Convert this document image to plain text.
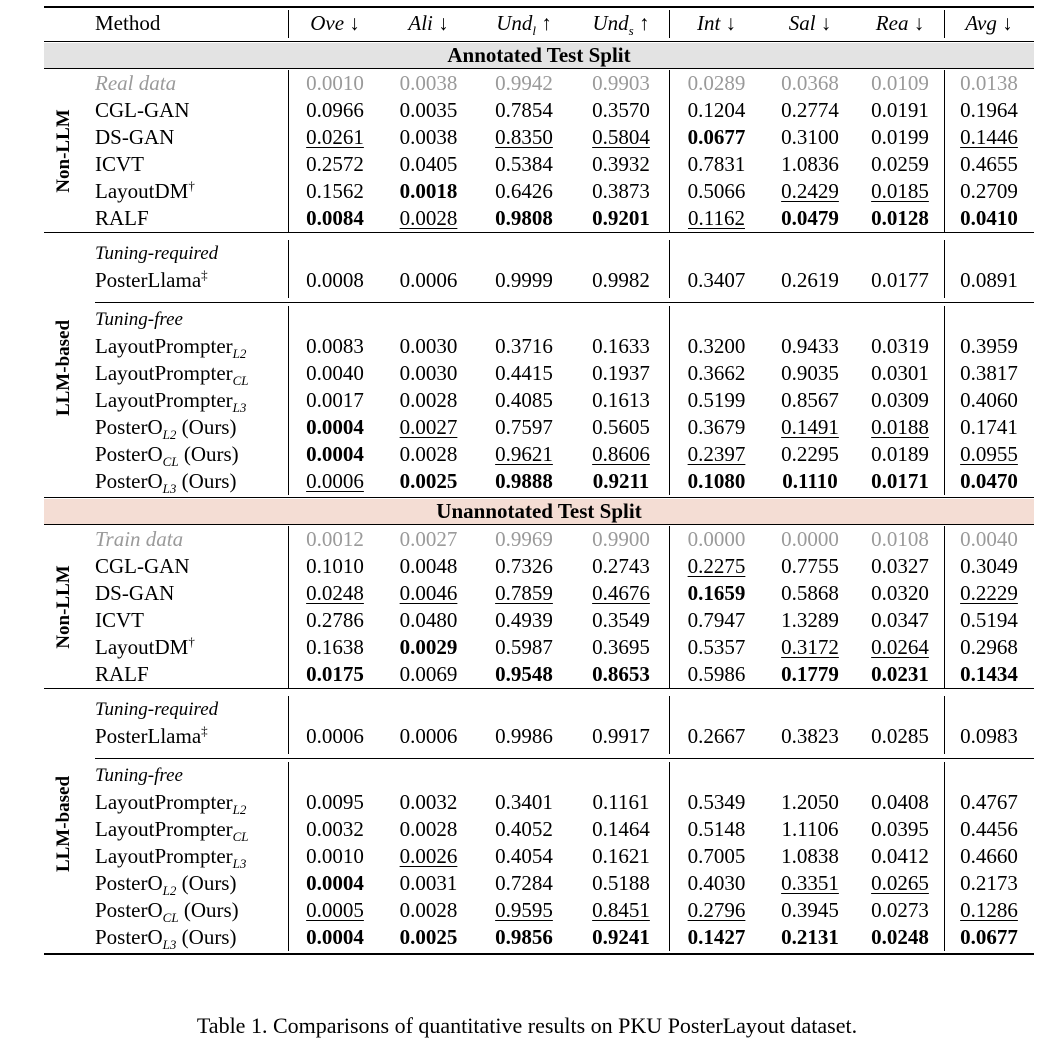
Method	Ove ↓	Ali ↓	Und$_l$ ↑	Und$_s$ ↑	Int ↓	Sal ↓	Rea ↓	Avg ↓
Annotated Test Split
Real data	0.0010	0.0038	0.9942	0.9903	0.0289	0.0368	0.0109	0.0138
CGL-GAN	0.0966	0.0035	0.7854	0.3570	0.1204	0.2774	0.0191	0.1964
DS-GAN	0.0261	0.0038	0.8350	0.5804	0.0677	0.3100	0.0199	0.1446
ICVT	0.2572	0.0405	0.5384	0.3932	0.7831	1.0836	0.0259	0.4655
LayoutDM†	0.1562	0.0018	0.6426	0.3873	0.5066	0.2429	0.0185	0.2709
RALF	0.0084	0.0028	0.9808	0.9201	0.1162	0.0479	0.0128	0.0410
Non-LLM
Tuning-required
PosterLlama‡	0.0008	0.0006	0.9999	0.9982	0.3407	0.2619	0.0177	0.0891
Tuning-free
LayoutPrompter$_{L2}$	0.0083	0.0030	0.3716	0.1633	0.3200	0.9433	0.0319	0.3959
LayoutPrompter$_{CL}$	0.0040	0.0030	0.4415	0.1937	0.3662	0.9035	0.0301	0.3817
LayoutPrompter$_{L3}$	0.0017	0.0028	0.4085	0.1613	0.5199	0.8567	0.0309	0.4060
PosterO$_{L2}$ (Ours)	0.0004	0.0027	0.7597	0.5605	0.3679	0.1491	0.0188	0.1741
PosterO$_{CL}$ (Ours)	0.0004	0.0028	0.9621	0.8606	0.2397	0.2295	0.0189	0.0955
PosterO$_{L3}$ (Ours)	0.0006	0.0025	0.9888	0.9211	0.1080	0.1110	0.0171	0.0470
LLM-based
Unannotated Test Split
Train data	0.0012	0.0027	0.9969	0.9900	0.0000	0.0000	0.0108	0.0040
CGL-GAN	0.1010	0.0048	0.7326	0.2743	0.2275	0.7755	0.0327	0.3049
DS-GAN	0.0248	0.0046	0.7859	0.4676	0.1659	0.5868	0.0320	0.2229
ICVT	0.2786	0.0480	0.4939	0.3549	0.7947	1.3289	0.0347	0.5194
LayoutDM†	0.1638	0.0029	0.5987	0.3695	0.5357	0.3172	0.0264	0.2968
RALF	0.0175	0.0069	0.9548	0.8653	0.5986	0.1779	0.0231	0.1434
Non-LLM
Tuning-required
PosterLlama‡	0.0006	0.0006	0.9986	0.9917	0.2667	0.3823	0.0285	0.0983
Tuning-free
LayoutPrompter$_{L2}$	0.0095	0.0032	0.3401	0.1161	0.5349	1.2050	0.0408	0.4767
LayoutPrompter$_{CL}$	0.0032	0.0028	0.4052	0.1464	0.5148	1.1106	0.0395	0.4456
LayoutPrompter$_{L3}$	0.0010	0.0026	0.4054	0.1621	0.7005	1.0838	0.0412	0.4660
PosterO$_{L2}$ (Ours)	0.0004	0.0031	0.7284	0.5188	0.4030	0.3351	0.0265	0.2173
PosterO$_{CL}$ (Ours)	0.0005	0.0028	0.9595	0.8451	0.2796	0.3945	0.0273	0.1286
PosterO$_{L3}$ (Ours)	0.0004	0.0025	0.9856	0.9241	0.1427	0.2131	0.0248	0.0677
LLM-based
Table 1. Comparisons of quantitative results on PKU PosterLayout dataset.
